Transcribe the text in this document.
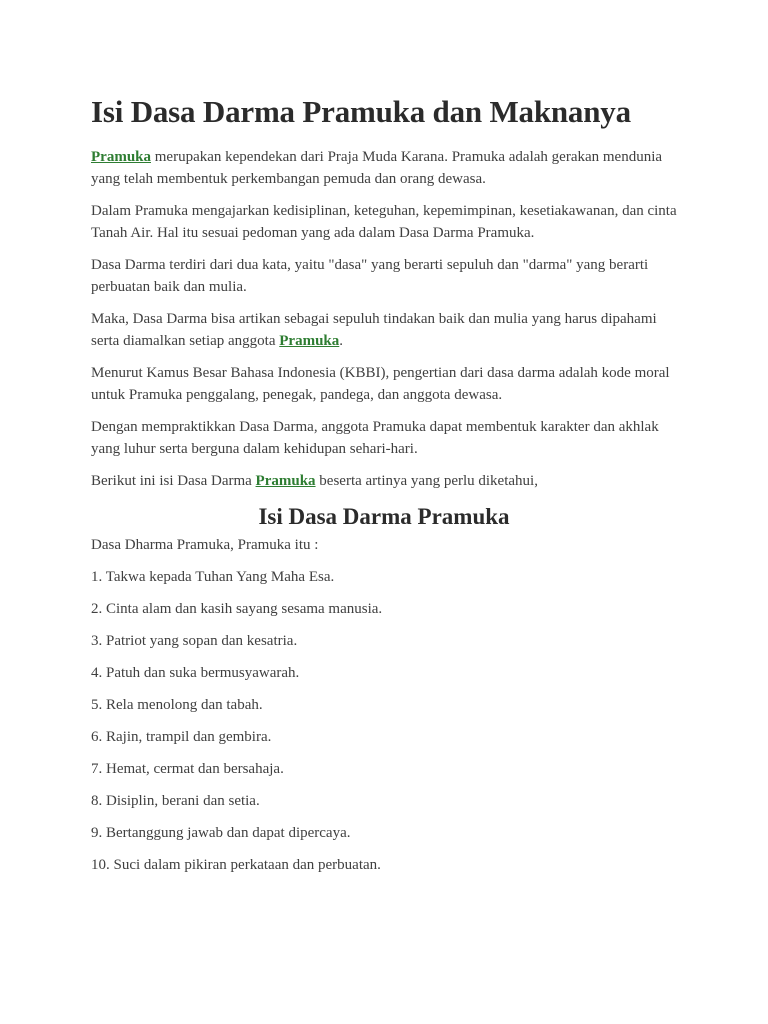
Isi Dasa Darma Pramuka dan Maknanya

Pramuka merupakan kependekan dari Praja Muda Karana. Pramuka adalah gerakan mendunia yang telah membentuk perkembangan pemuda dan orang dewasa.

Dalam Pramuka mengajarkan kedisiplinan, keteguhan, kepemimpinan, kesetiakawanan, dan cinta Tanah Air. Hal itu sesuai pedoman yang ada dalam Dasa Darma Pramuka.

Dasa Darma terdiri dari dua kata, yaitu "dasa" yang berarti sepuluh dan "darma" yang berarti perbuatan baik dan mulia.

Maka, Dasa Darma bisa artikan sebagai sepuluh tindakan baik dan mulia yang harus dipahami serta diamalkan setiap anggota Pramuka.

Menurut Kamus Besar Bahasa Indonesia (KBBI), pengertian dari dasa darma adalah kode moral untuk Pramuka penggalang, penegak, pandega, dan anggota dewasa.

Dengan mempraktikkan Dasa Darma, anggota Pramuka dapat membentuk karakter dan akhlak yang luhur serta berguna dalam kehidupan sehari-hari.

Berikut ini isi Dasa Darma Pramuka beserta artinya yang perlu diketahui,

Isi Dasa Darma Pramuka

Dasa Dharma Pramuka, Pramuka itu :

1. Takwa kepada Tuhan Yang Maha Esa.

2. Cinta alam dan kasih sayang sesama manusia.

3. Patriot yang sopan dan kesatria.

4. Patuh dan suka bermusyawarah.

5. Rela menolong dan tabah.

6. Rajin, trampil dan gembira.

7. Hemat, cermat dan bersahaja.

8. Disiplin, berani dan setia.

9. Bertanggung jawab dan dapat dipercaya.

10. Suci dalam pikiran perkataan dan perbuatan.
